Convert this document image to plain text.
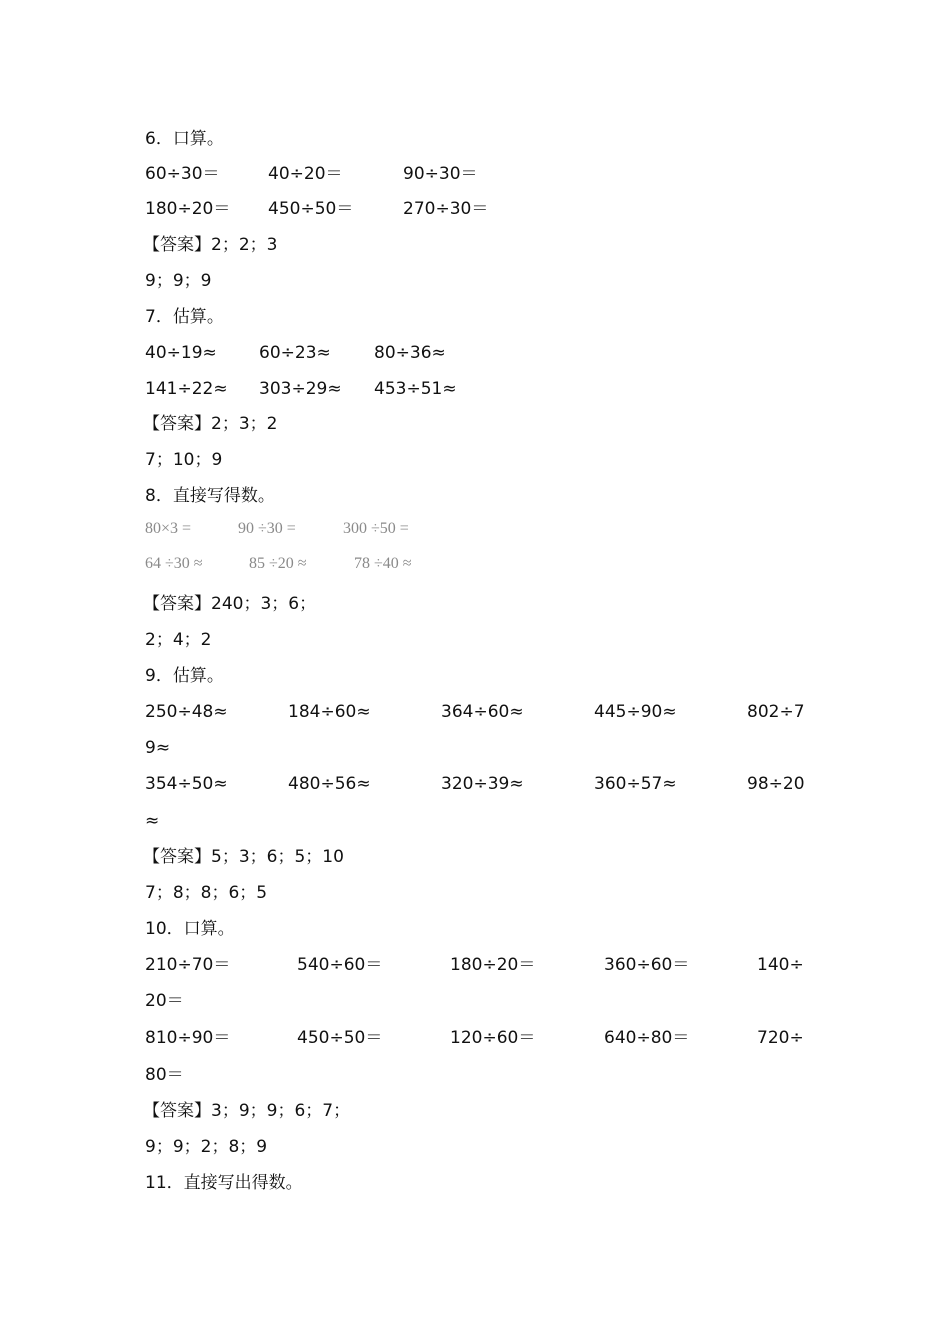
6．口算。
60÷30＝	40÷20＝	90÷30＝
180÷20＝ 450÷50＝	270÷30＝
【答案】2；2；3
9；9；9
7．估算。
40÷19≈ 60÷23≈	80÷36≈
141÷22≈ 303÷29≈ 453÷51≈
【答案】2；3；2
7；10；9
8．直接写得数。
80×3 =	90 ÷30 =	300 ÷50 =
64 ÷30 ≈	85 ÷20 ≈	78 ÷40 ≈
【答案】240；3；6；
2；4；2
9．估算。
250÷48≈	184÷60≈	364÷60≈	445÷90≈	802÷7
9≈
354÷50≈	480÷56≈	320÷39≈	360÷57≈	98÷20
≈
【答案】5；3；6；5；10
7；8；8；6；5
10．口算。
210÷70＝	540÷60＝	180÷20＝	360÷60＝	140÷
20＝
810÷90＝	450÷50＝	120÷60＝	640÷80＝	720÷
80＝
【答案】3；9；9；6；7；
9；9；2；8；9
11．直接写出得数。
